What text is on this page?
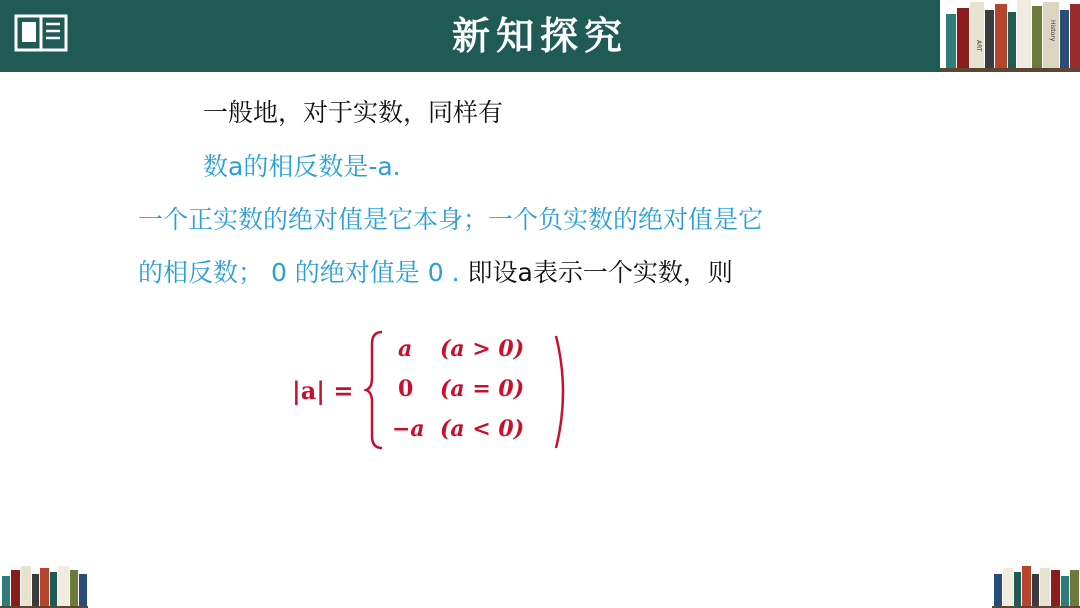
新知探究	ART
History
一般地，对于实数，同样有
数a的相反数是-a.
一个正实数的绝对值是它本身；一个负实数的绝对值是它
的相反数； 0 的绝对值是 0 . 即设a表示一个实数，则
|a| =
a (a > 0)
0 (a = 0)
−a (a < 0)
